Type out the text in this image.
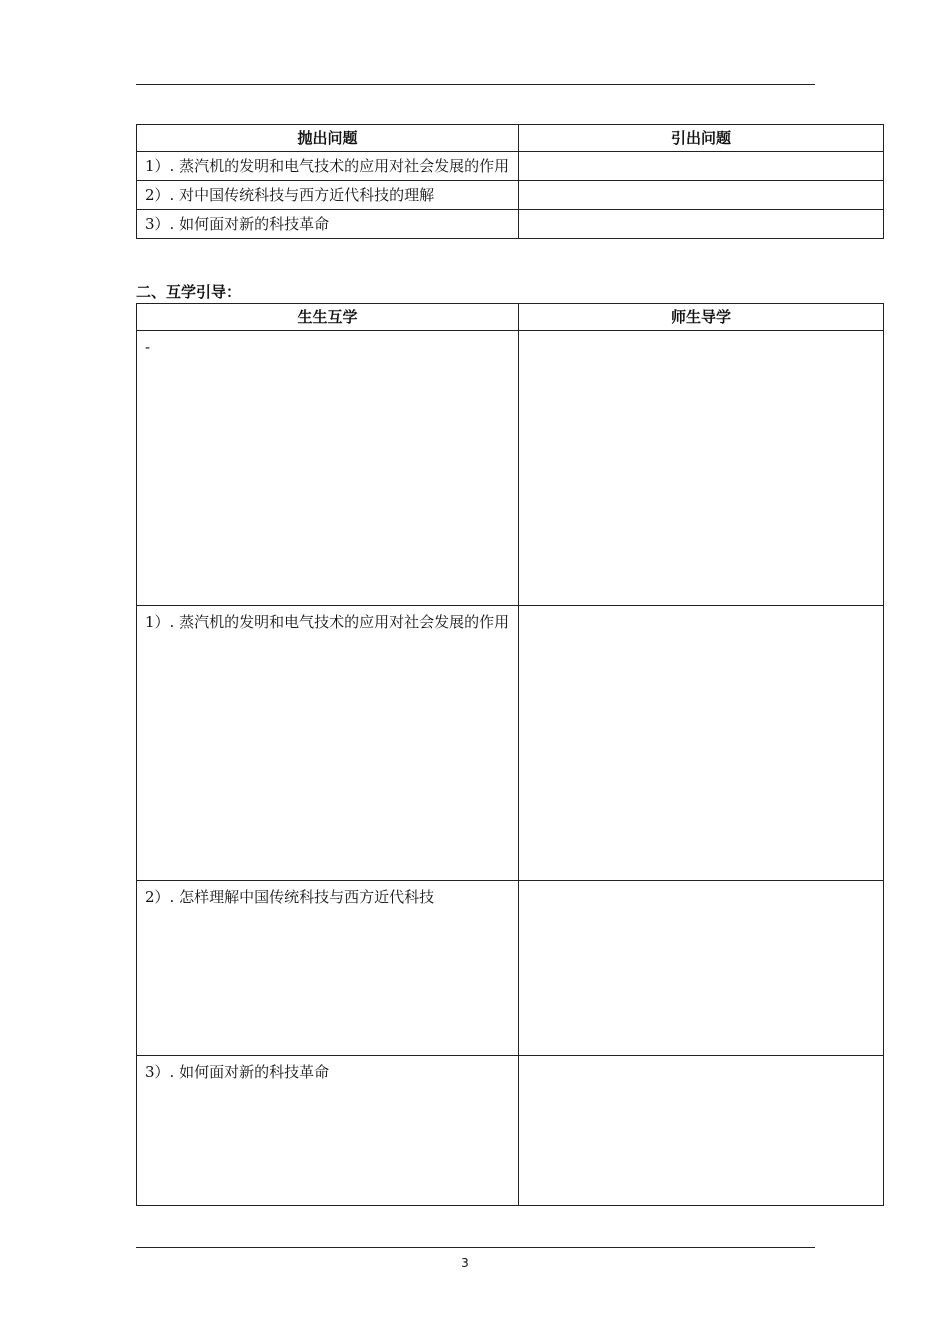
抛出问题	引出问题
1）. 蒸汽机的发明和电气技术的应用对社会发展的作用	
2）. 对中国传统科技与西方近代科技的理解	
3）. 如何面对新的科技革命	
二、互学引导：
生生互学	师生导学
-	
1）. 蒸汽机的发明和电气技术的应用对社会发展的作用	
2）. 怎样理解中国传统科技与西方近代科技	
3）. 如何面对新的科技革命	
3
